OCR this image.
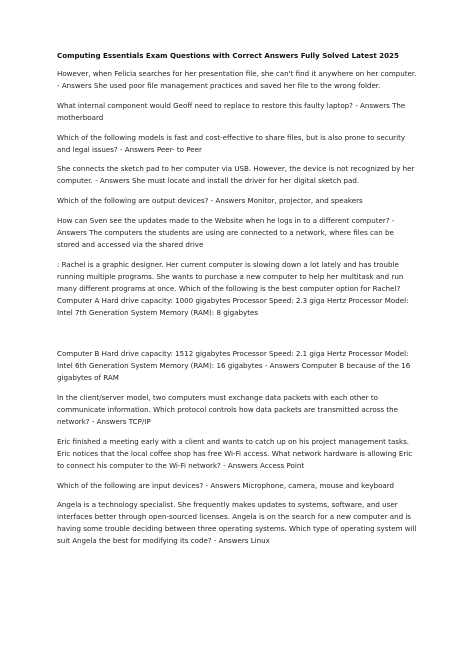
Computing Essentials Exam Questions with Correct Answers Fully Solved Latest 2025
However, when Felicia searches for her presentation file, she can't find it anywhere on her computer. - Answers She used poor file management practices and saved her file to the wrong folder.
What internal component would Geoff need to replace to restore this faulty laptop? - Answers The motherboard
Which of the following models is fast and cost-effective to share files, but is also prone to security and legal issues? - Answers Peer- to Peer
She connects the sketch pad to her computer via USB. However, the device is not recognized by her computer. - Answers She must locate and install the driver for her digital sketch pad.
Which of the following are output devices? - Answers Monitor, projector, and speakers
How can Sven see the updates made to the Website when he logs in to a different computer? - Answers The computers the students are using are connected to a network, where files can be stored and accessed via the shared drive
: Rachel is a graphic designer. Her current computer is slowing down a lot lately and has trouble running multiple programs. She wants to purchase a new computer to help her multitask and run many different programs at once. Which of the following is the best computer option for Rachel? Computer A Hard drive capacity: 1000 gigabytes Processor Speed: 2.3 giga Hertz Processor Model: Intel 7th Generation System Memory (RAM): 8 gigabytes
Computer B Hard drive capacity: 1512 gigabytes Processor Speed: 2.1 giga Hertz Processor Model: Intel 6th Generation System Memory (RAM): 16 gigabytes - Answers Computer B because of the 16 gigabytes of RAM
In the client/server model, two computers must exchange data packets with each other to communicate information. Which protocol controls how data packets are transmitted across the network? - Answers TCP/IP
Eric finished a meeting early with a client and wants to catch up on his project management tasks. Eric notices that the local coffee shop has free Wi-Fi access. What network hardware is allowing Eric to connect his computer to the Wi-Fi network? - Answers Access Point
Which of the following are input devices? - Answers Microphone, camera, mouse and keyboard
Angela is a technology specialist. She frequently makes updates to systems, software, and user interfaces better through open-sourced licenses. Angela is on the search for a new computer and is having some trouble deciding between three operating systems. Which type of operating system will suit Angela the best for modifying its code? - Answers Linux
